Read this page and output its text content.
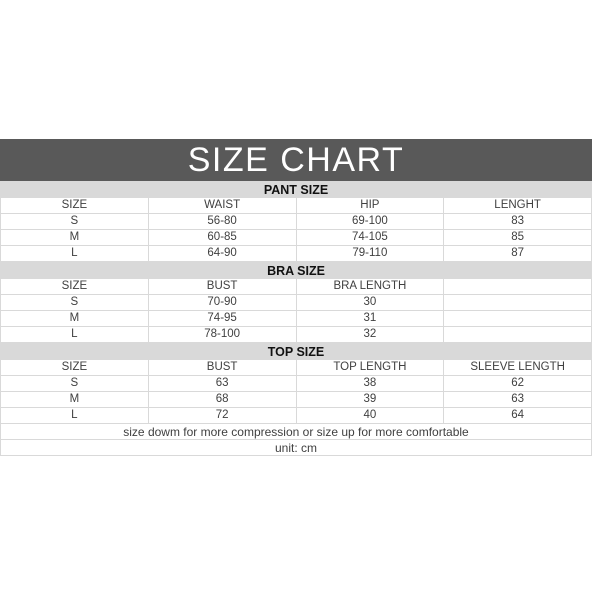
SIZE CHART
PANT SIZE
SIZE	WAIST	HIP	LENGHT
S	56-80	69-100	83
M	60-85	74-105	85
L	64-90	79-110	87
BRA SIZE
SIZE	BUST	BRA LENGTH	
S	70-90	30	
M	74-95	31	
L	78-100	32	
TOP SIZE
SIZE	BUST	TOP LENGTH	SLEEVE LENGTH
S	63	38	62
M	68	39	63
L	72	40	64
size dowm for more compression or size up for more comfortable			
unit: cm			
